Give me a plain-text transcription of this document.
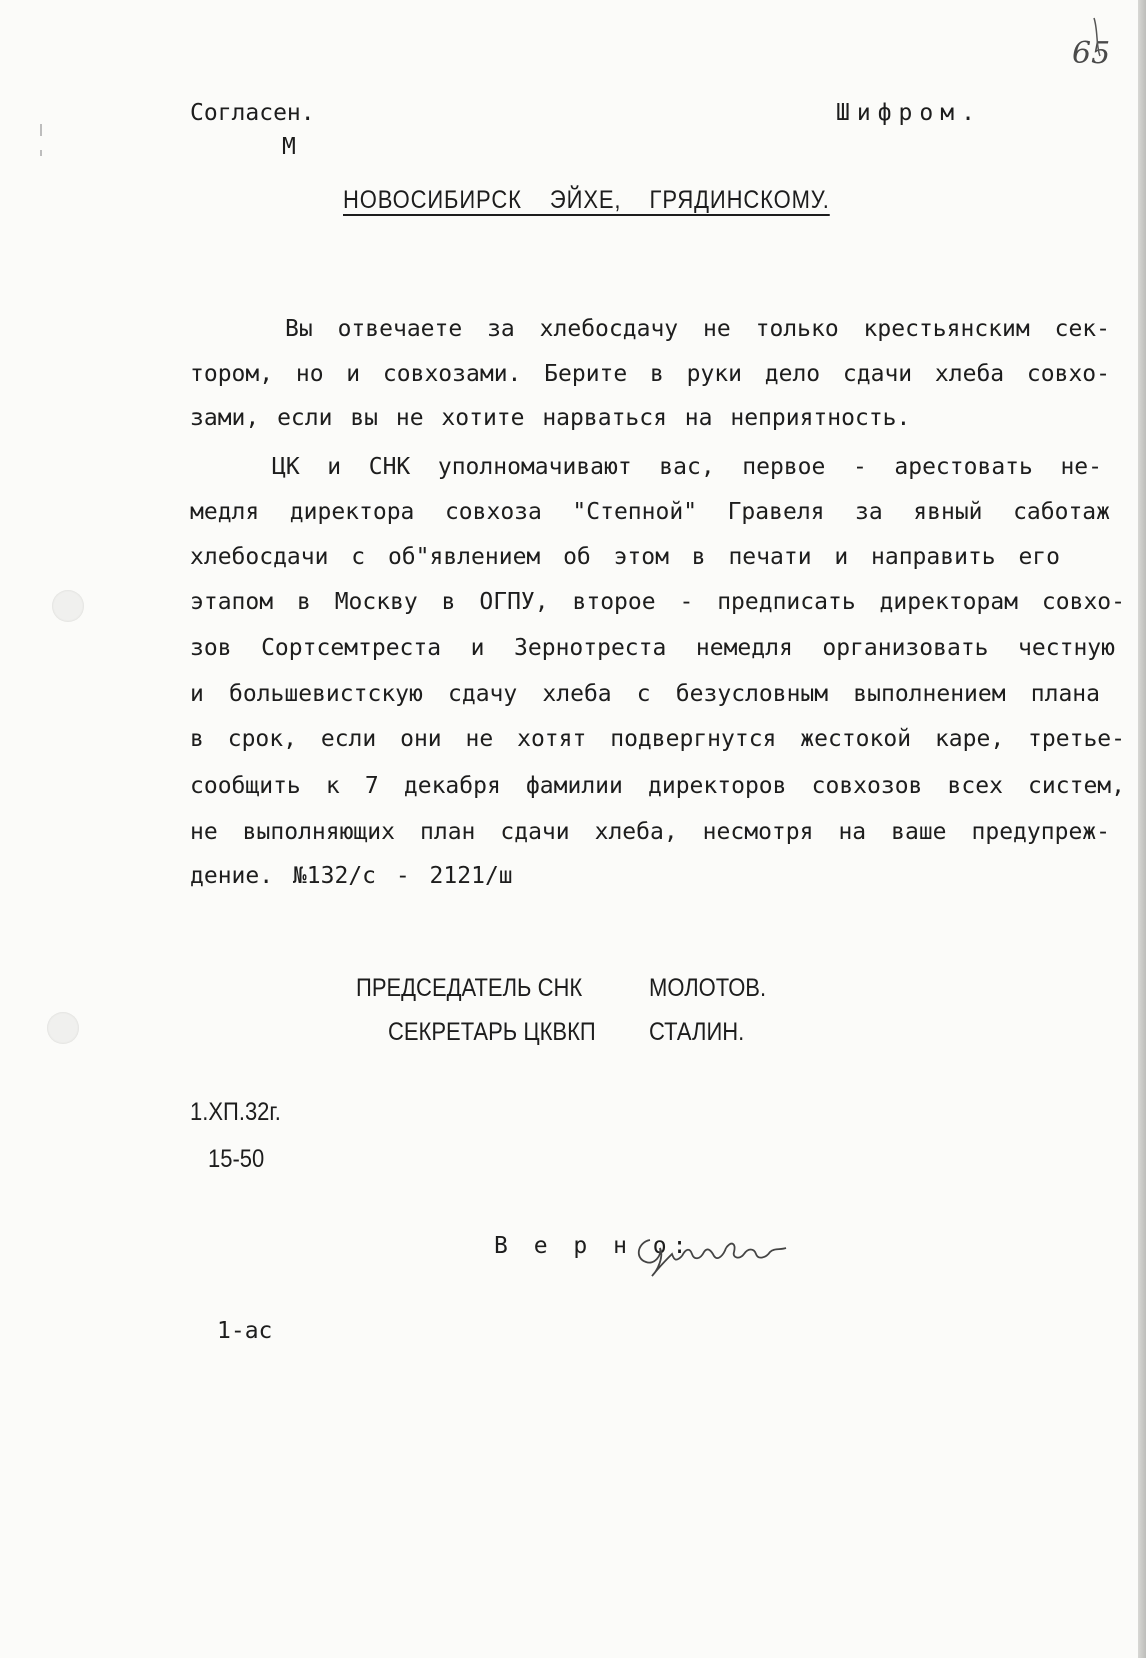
65

Согласен.

М

Шифром.

НОВОСИБИРСК ЭЙХЕ, ГРЯДИНСКОМУ.

Вы отвечаете за хлебосдачу не только крестьянским сек-

тором, но и совхозами. Берите в руки дело сдачи хлеба совхо-

зами, если вы не хотите нарваться на неприятность.

ЦК и СНК уполномачивают вас, первое - арестовать не-

медля директора совхоза "Степной" Гравеля за явный саботаж

хлебосдачи с об"явлением об этом в печати и направить его

этапом в Москву в ОГПУ, второе - предписать директорам совхо-

зов Сортсемтреста и Зернотреста немедля организовать честную

и большевистскую сдачу хлеба с безусловным выполнением плана

в срок, если они не хотят подвергнутся жестокой каре, третье-

сообщить к 7 декабря фамилии директоров совхозов всех систем,

не выполняющих план сдачи хлеба, несмотря на ваше предупреж-

дение. №132/с - 2121/ш

ПРЕДСЕДАТЕЛЬ СНК	МОЛОТОВ.

СЕКРЕТАРЬ ЦКВКП СТАЛИН.

1.ХП.32г.

15-50

В е р н о:

1-ас
